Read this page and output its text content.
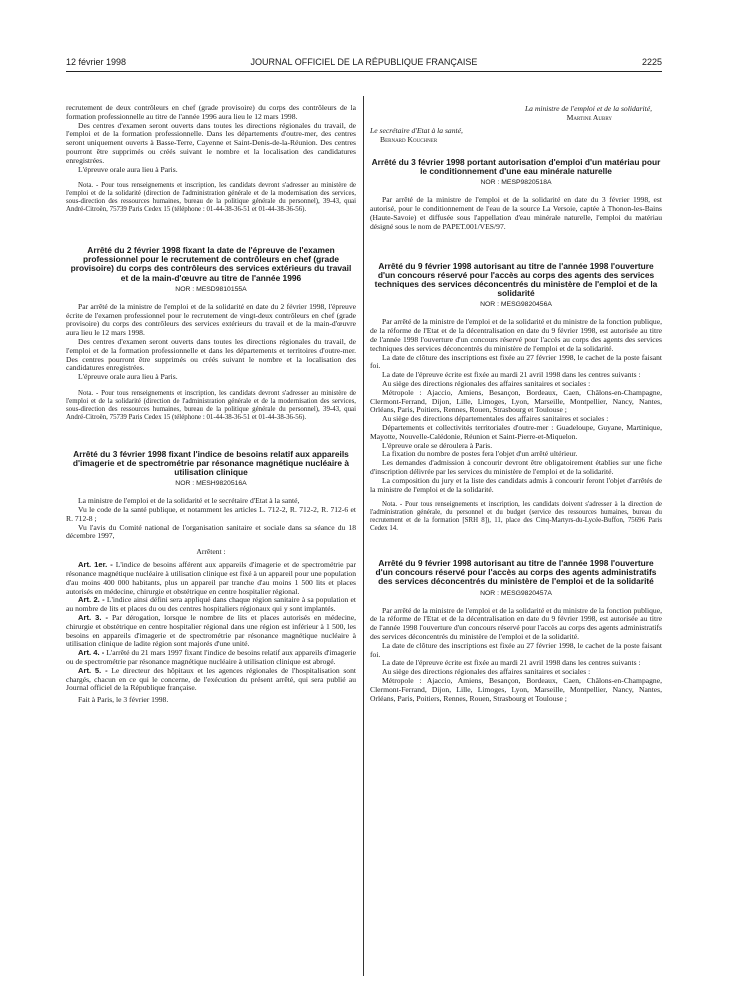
12 février 1998	JOURNAL OFFICIEL DE LA RÉPUBLIQUE FRANÇAISE	2225

recrutement de deux contrôleurs en chef (grade provisoire) du corps des contrôleurs de la formation professionnelle au titre de l'année 1996 aura lieu le 12 mars 1998.

Des centres d'examen seront ouverts dans toutes les directions régionales du travail, de l'emploi et de la formation professionnelle. Dans les départements d'outre-mer, des centres seront uniquement ouverts à Basse-Terre, Cayenne et Saint-Denis-de-la-Réunion. Des centres pourront être supprimés ou créés suivant le nombre et la localisation des candidatures enregistrées.

L'épreuve orale aura lieu à Paris.

Nota. - Pour tous renseignements et inscription, les candidats devront s'adresser au ministère de l'emploi et de la solidarité (direction de l'administration générale et de la modernisation des services, sous-direction des ressources humaines, bureau de la politique générale du personnel), 39-43, quai André-Citroën, 75739 Paris Cedex 15 (téléphone : 01-44-38-36-51 et 01-44-38-36-56).

Arrêté du 2 février 1998 fixant la date de l'épreuve de l'examen professionnel pour le recrutement de contrôleurs en chef (grade provisoire) du corps des contrôleurs des services extérieurs du travail et de la main-d'œuvre au titre de l'année 1996
NOR : MESD9810155A

Par arrêté de la ministre de l'emploi et de la solidarité en date du 2 février 1998, l'épreuve écrite de l'examen professionnel pour le recrutement de vingt-deux contrôleurs en chef (grade provisoire) du corps des contrôleurs des services extérieurs du travail et de la main-d'œuvre aura lieu le 12 mars 1998.

Des centres d'examen seront ouverts dans toutes les directions régionales du travail, de l'emploi et de la formation professionnelle et dans les départements et territoires d'outre-mer. Des centres pourront être supprimés ou créés suivant le nombre et la localisation des candidatures enregistrées.

L'épreuve orale aura lieu à Paris.

Nota. - Pour tous renseignements et inscription, les candidats devront s'adresser au ministère de l'emploi et de la solidarité (direction de l'administration générale et de la modernisation des services, sous-direction des ressources humaines, bureau de la politique générale du personnel), 39-43, quai André-Citroën, 75739 Paris Cedex 15 (téléphone : 01-44-38-36-51 et 01-44-38-36-56).

Arrêté du 3 février 1998 fixant l'indice de besoins relatif aux appareils d'imagerie et de spectrométrie par résonance magnétique nucléaire à utilisation clinique
NOR : MESH9820516A

La ministre de l'emploi et de la solidarité et le secrétaire d'Etat à la santé,

Vu le code de la santé publique, et notamment les articles L. 712-2, R. 712-2, R. 712-6 et R. 712-8 ;

Vu l'avis du Comité national de l'organisation sanitaire et sociale dans sa séance du 18 décembre 1997,

Arrêtent :

Art. 1er. - L'indice de besoins afférent aux appareils d'imagerie et de spectrométrie par résonance magnétique nucléaire à utilisation clinique est fixé à un appareil pour une population d'au moins 400 000 habitants, plus un appareil par tranche d'au moins 1 500 lits et places autorisés en médecine, chirurgie et obstétrique en centre hospitalier régional.

Art. 2. - L'indice ainsi défini sera appliqué dans chaque région sanitaire à sa population et au nombre de lits et places du ou des centres hospitaliers régionaux qui y sont implantés.

Art. 3. - Par dérogation, lorsque le nombre de lits et places autorisés en médecine, chirurgie et obstétrique en centre hospitalier régional dans une région est inférieur à 1 500, les besoins en appareils d'imagerie et de spectrométrie par résonance magnétique nucléaire à utilisation clinique de ladite région sont majorés d'une unité.

Art. 4. - L'arrêté du 21 mars 1997 fixant l'indice de besoins relatif aux appareils d'imagerie ou de spectrométrie par résonance magnétique nucléaire à utilisation clinique est abrogé.

Art. 5. - Le directeur des hôpitaux et les agences régionales de l'hospitalisation sont chargés, chacun en ce qui le concerne, de l'exécution du présent arrêté, qui sera publié au Journal officiel de la République française.

Fait à Paris, le 3 février 1998.

La ministre de l'emploi et de la solidarité,
Martine Aubry
Le secrétaire d'Etat à la santé,
Bernard Kouchner
Arrêté du 3 février 1998 portant autorisation d'emploi d'un matériau pour le conditionnement d'une eau minérale naturelle
NOR : MESP9820518A

Par arrêté de la ministre de l'emploi et de la solidarité en date du 3 février 1998, est autorisé, pour le conditionnement de l'eau de la source La Versoie, captée à Thonon-les-Bains (Haute-Savoie) et diffusée sous l'appellation d'eau minérale naturelle, l'emploi du matériau désigné sous le nom de PAPET.001/VES/97.

Arrêté du 9 février 1998 autorisant au titre de l'année 1998 l'ouverture d'un concours réservé pour l'accès au corps des agents des services techniques des services déconcentrés du ministère de l'emploi et de la solidarité
NOR : MESG9820456A

Par arrêté de la ministre de l'emploi et de la solidarité et du ministre de la fonction publique, de la réforme de l'Etat et de la décentralisation en date du 9 février 1998, est autorisée au titre de l'année 1998 l'ouverture d'un concours réservé pour l'accès au corps des agents des services techniques des services déconcentrés du ministère de l'emploi et de la solidarité.

La date de clôture des inscriptions est fixée au 27 février 1998, le cachet de la poste faisant foi.

La date de l'épreuve écrite est fixée au mardi 21 avril 1998 dans les centres suivants :

Au siège des directions régionales des affaires sanitaires et sociales :

Métropole : Ajaccio, Amiens, Besançon, Bordeaux, Caen, Châlons-en-Champagne, Clermont-Ferrand, Dijon, Lille, Limoges, Lyon, Marseille, Montpellier, Nancy, Nantes, Orléans, Paris, Poitiers, Rennes, Rouen, Strasbourg et Toulouse ;

Au siège des directions départementales des affaires sanitaires et sociales :

Départements et collectivités territoriales d'outre-mer : Guadeloupe, Guyane, Martinique, Mayotte, Nouvelle-Calédonie, Réunion et Saint-Pierre-et-Miquelon.

L'épreuve orale se déroulera à Paris.

La fixation du nombre de postes fera l'objet d'un arrêté ultérieur.

Les demandes d'admission à concourir devront être obligatoirement établies sur une fiche d'inscription délivrée par les services du ministère de l'emploi et de la solidarité.

La composition du jury et la liste des candidats admis à concourir feront l'objet d'arrêtés de la ministre de l'emploi et de la solidarité.

Nota. - Pour tous renseignements et inscription, les candidats doivent s'adresser à la direction de l'administration générale, du personnel et du budget (service des ressources humaines, bureau du recrutement et de la formation [SRH 8]), 11, place des Cinq-Martyrs-du-Lycée-Buffon, 75696 Paris Cedex 14.

Arrêté du 9 février 1998 autorisant au titre de l'année 1998 l'ouverture d'un concours réservé pour l'accès au corps des agents administratifs des services déconcentrés du ministère de l'emploi et de la solidarité
NOR : MESG9820457A

Par arrêté de la ministre de l'emploi et de la solidarité et du ministre de la fonction publique, de la réforme de l'Etat et de la décentralisation en date du 9 février 1998, est autorisée au titre de l'année 1998 l'ouverture d'un concours réservé pour l'accès au corps des agents administratifs des services déconcentrés du ministère de l'emploi et de la solidarité.

La date de clôture des inscriptions est fixée au 27 février 1998, le cachet de la poste faisant foi.

La date de l'épreuve écrite est fixée au mardi 21 avril 1998 dans les centres suivants :

Au siège des directions régionales des affaires sanitaires et sociales :

Métropole : Ajaccio, Amiens, Besançon, Bordeaux, Caen, Châlons-en-Champagne, Clermont-Ferrand, Dijon, Lille, Limoges, Lyon, Marseille, Montpellier, Nancy, Nantes, Orléans, Paris, Poitiers, Rennes, Rouen, Strasbourg et Toulouse ;
